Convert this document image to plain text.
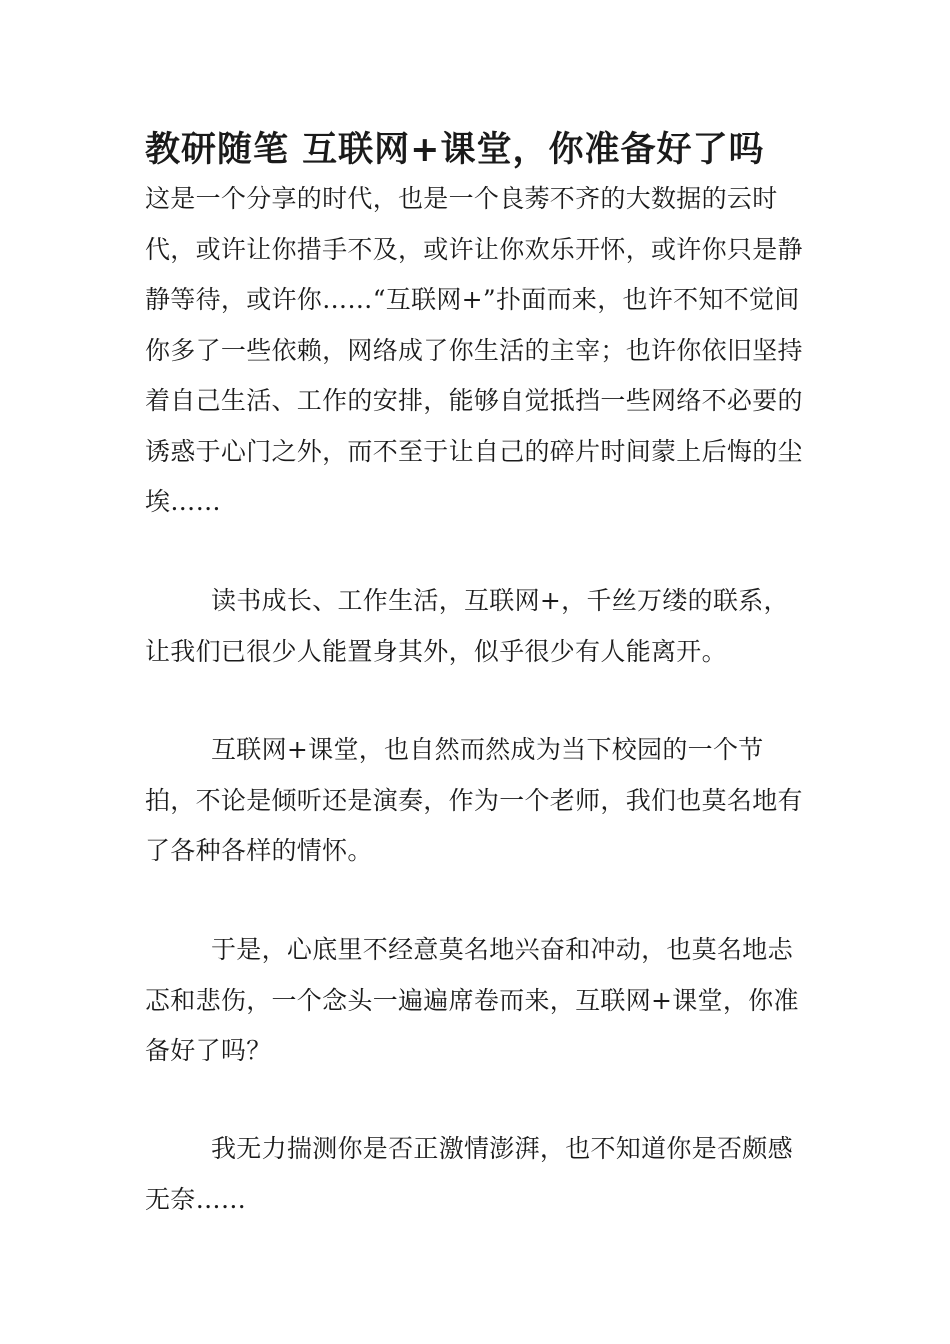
教研随笔 互联网+课堂，你准备好了吗

这是一个分享的时代，也是一个良莠不齐的大数据的云时代，或许让你措手不及，或许让你欢乐开怀，或许你只是静静等待，或许你……“互联网+”扑面而来，也许不知不觉间你多了一些依赖，网络成了你生活的主宰；也许你依旧坚持着自己生活、工作的安排，能够自觉抵挡一些网络不必要的诱惑于心门之外，而不至于让自己的碎片时间蒙上后悔的尘埃……

读书成长、工作生活，互联网+，千丝万缕的联系，让我们已很少人能置身其外，似乎很少有人能离开。

互联网+课堂，也自然而然成为当下校园的一个节拍，不论是倾听还是演奏，作为一个老师，我们也莫名地有了各种各样的情怀。

于是，心底里不经意莫名地兴奋和冲动，也莫名地忐忑和悲伤，一个念头一遍遍席卷而来，互联网+课堂，你准备好了吗？

我无力揣测你是否正激情澎湃，也不知道你是否颇感无奈……
